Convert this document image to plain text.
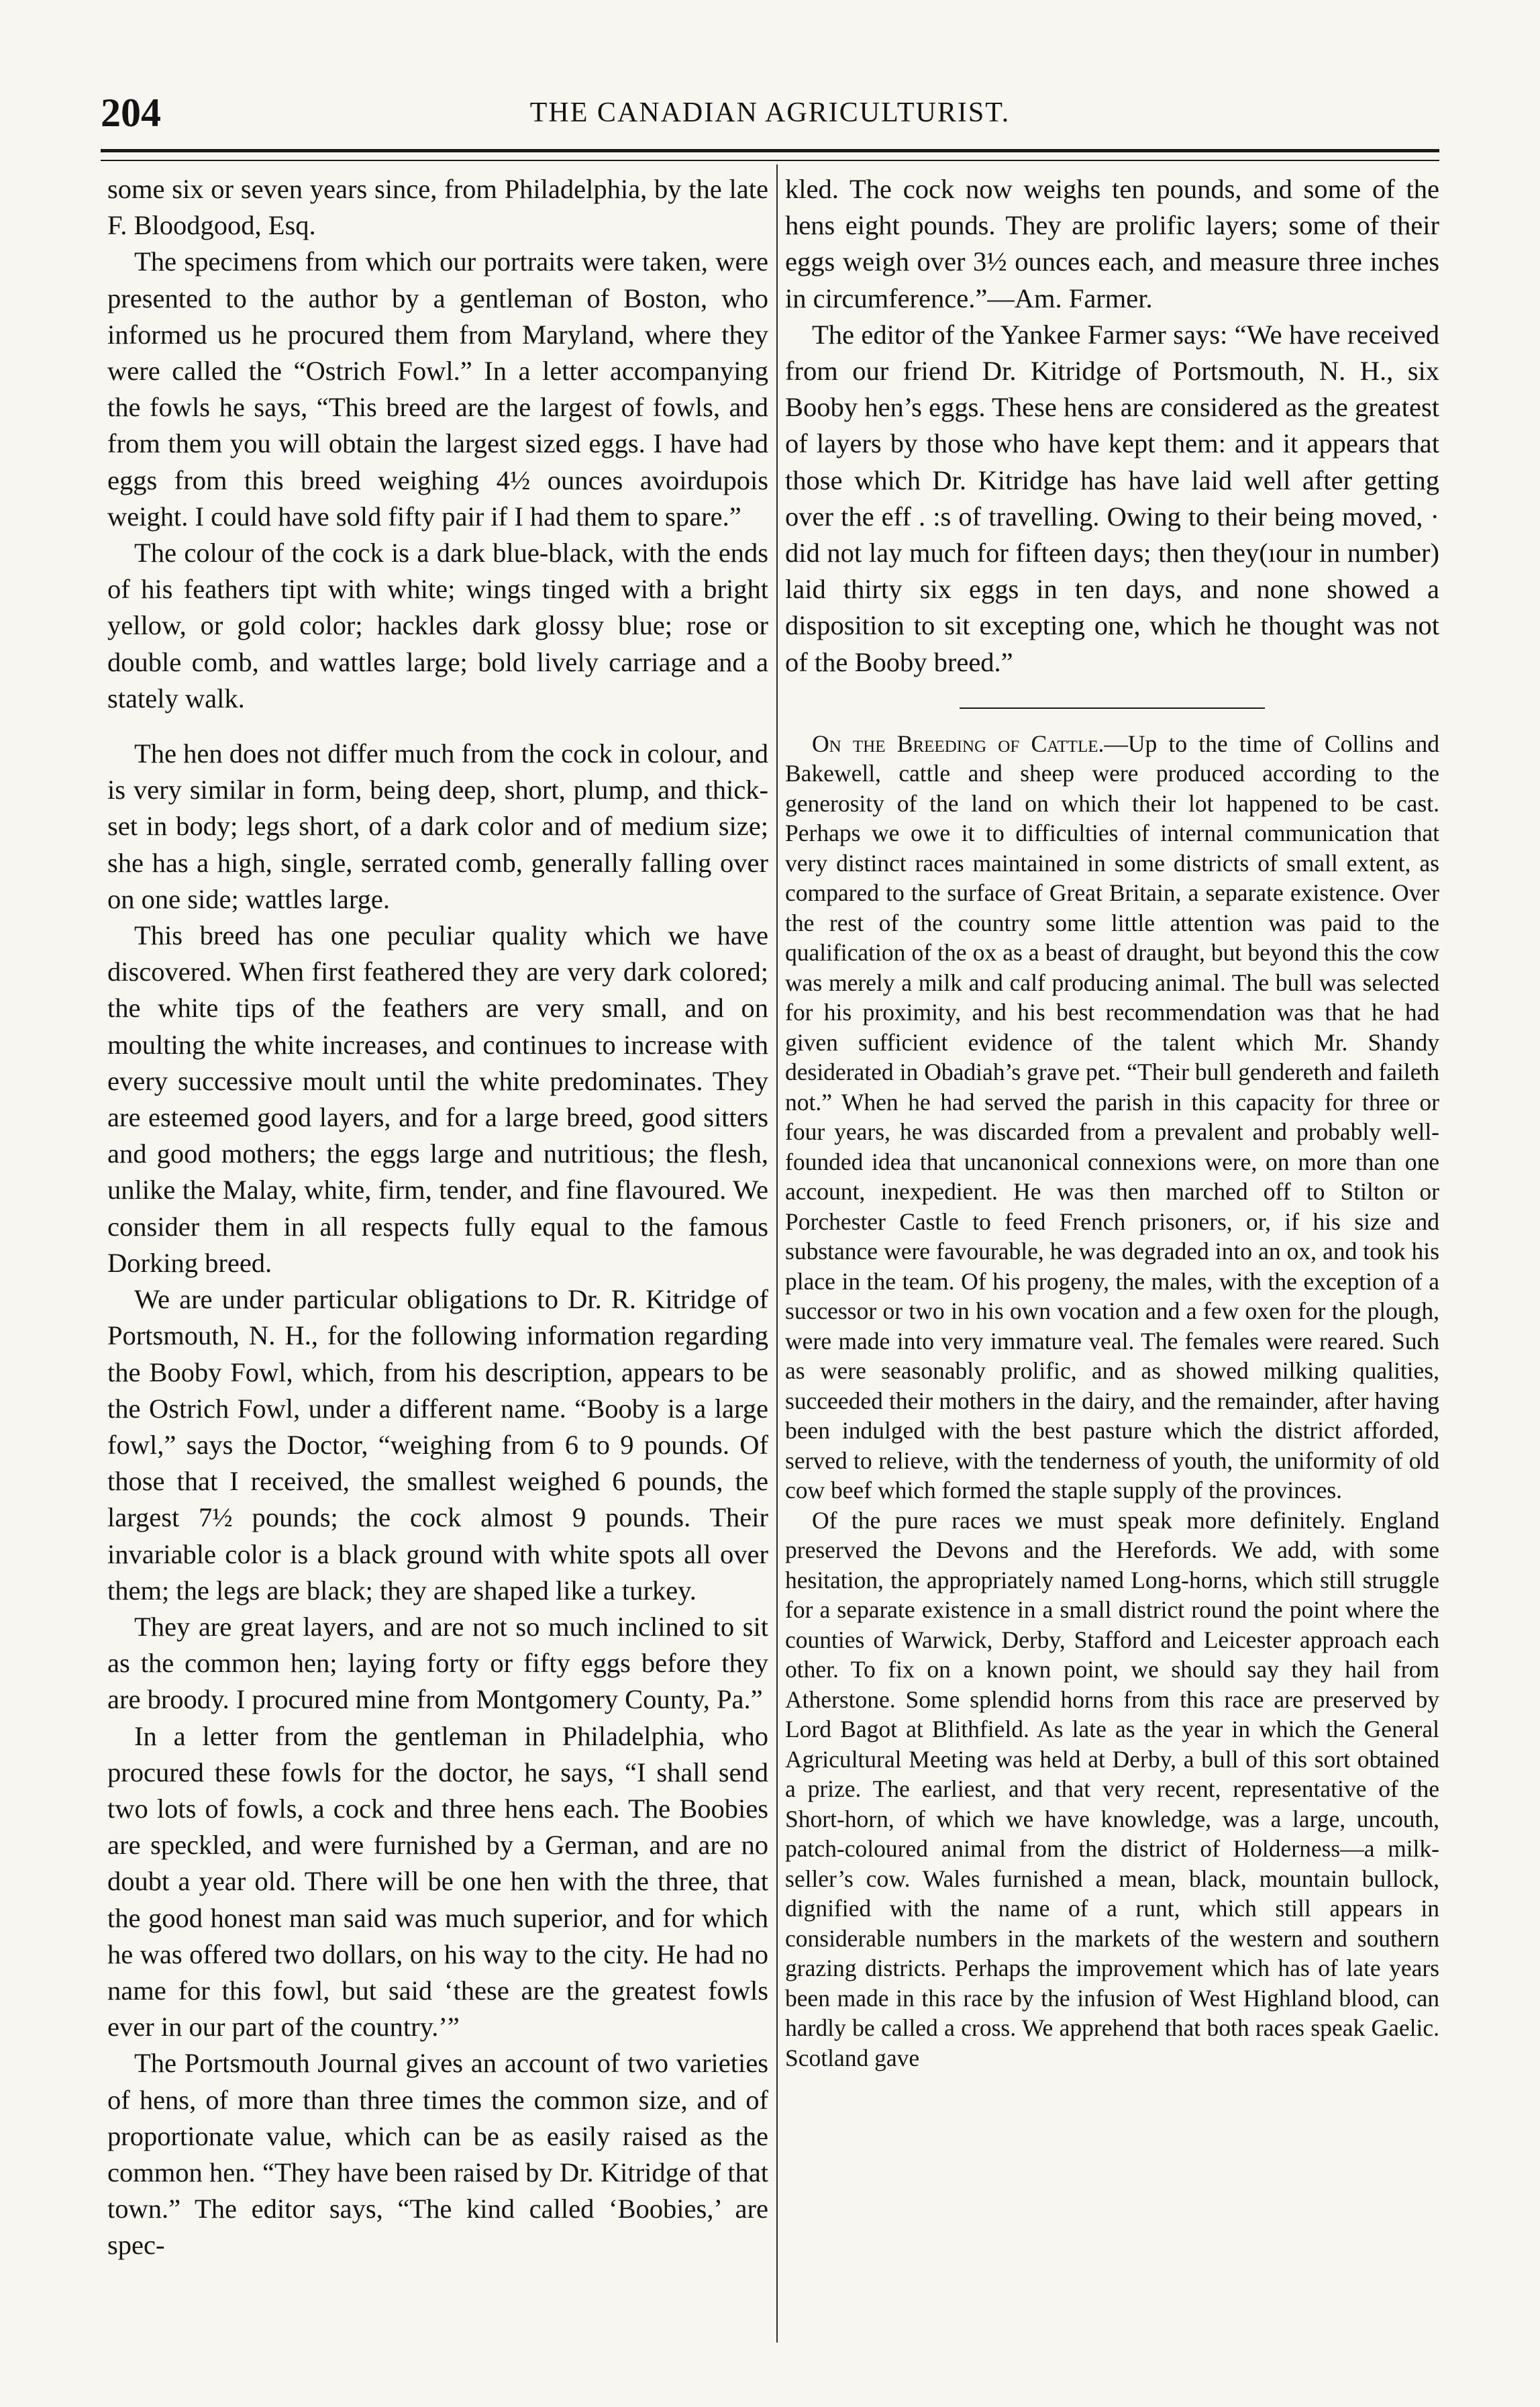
204	THE CANADIAN AGRICULTURIST.

some six or seven years since, from Philadelphia, by the late F. Bloodgood, Esq.

The specimens from which our portraits were taken, were presented to the author by a gentleman of Boston, who informed us he procured them from Maryland, where they were called the “Ostrich Fowl.” In a letter accompanying the fowls he says, “This breed are the largest of fowls, and from them you will obtain the largest sized eggs. I have had eggs from this breed weighing 4½ ounces avoirdupois weight. I could have sold fifty pair if I had them to spare.”

The colour of the cock is a dark blue-black, with the ends of his feathers tipt with white; wings tinged with a bright yellow, or gold color; hackles dark glossy blue; rose or double comb, and wattles large; bold lively carriage and a stately walk.

The hen does not differ much from the cock in colour, and is very similar in form, being deep, short, plump, and thick-set in body; legs short, of a dark color and of medium size; she has a high, single, serrated comb, generally falling over on one side; wattles large.

This breed has one peculiar quality which we have discovered. When first feathered they are very dark colored; the white tips of the feathers are very small, and on moulting the white increases, and continues to increase with every successive moult until the white predominates. They are esteemed good layers, and for a large breed, good sitters and good mothers; the eggs large and nutritious; the flesh, unlike the Malay, white, firm, tender, and fine flavoured. We consider them in all respects fully equal to the famous Dorking breed.

We are under particular obligations to Dr. R. Kitridge of Portsmouth, N. H., for the following information regarding the Booby Fowl, which, from his description, appears to be the Ostrich Fowl, under a different name. “Booby is a large fowl,” says the Doctor, “weighing from 6 to 9 pounds. Of those that I received, the smallest weighed 6 pounds, the largest 7½ pounds; the cock almost 9 pounds. Their invariable color is a black ground with white spots all over them; the legs are black; they are shaped like a turkey.

They are great layers, and are not so much inclined to sit as the common hen; laying forty or fifty eggs before they are broody. I procured mine from Montgomery County, Pa.”

In a letter from the gentleman in Philadelphia, who procured these fowls for the doctor, he says, “I shall send two lots of fowls, a cock and three hens each. The Boobies are speckled, and were furnished by a German, and are no doubt a year old. There will be one hen with the three, that the good honest man said was much superior, and for which he was offered two dollars, on his way to the city. He had no name for this fowl, but said ‘these are the greatest fowls ever in our part of the country.’”

The Portsmouth Journal gives an account of two varieties of hens, of more than three times the common size, and of proportionate value, which can be as easily raised as the common hen. “They have been raised by Dr. Kitridge of that town.” The editor says, “The kind called ‘Boobies,’ are spec-

kled. The cock now weighs ten pounds, and some of the hens eight pounds. They are prolific layers; some of their eggs weigh over 3½ ounces each, and measure three inches in circumference.”—Am. Farmer.

The editor of the Yankee Farmer says: “We have received from our friend Dr. Kitridge of Portsmouth, N. H., six Booby hen’s eggs. These hens are considered as the greatest of layers by those who have kept them: and it appears that those which Dr. Kitridge has have laid well after getting over the eff . :s of travelling. Owing to their being moved, · did not lay much for fifteen days; then they(ıour in number) laid thirty six eggs in ten days, and none showed a disposition to sit excepting one, which he thought was not of the Booby breed.”

On the Breeding of Cattle.—Up to the time of Collins and Bakewell, cattle and sheep were produced according to the generosity of the land on which their lot happened to be cast. Perhaps we owe it to difficulties of internal communication that very distinct races maintained in some districts of small extent, as compared to the surface of Great Britain, a separate existence. Over the rest of the country some little attention was paid to the qualification of the ox as a beast of draught, but beyond this the cow was merely a milk and calf producing animal. The bull was selected for his proximity, and his best recommendation was that he had given sufficient evidence of the talent which Mr. Shandy desiderated in Obadiah’s grave pet. “Their bull gendereth and faileth not.” When he had served the parish in this capacity for three or four years, he was discarded from a prevalent and probably well-founded idea that uncanonical connexions were, on more than one account, inexpedient. He was then marched off to Stilton or Porchester Castle to feed French prisoners, or, if his size and substance were favourable, he was degraded into an ox, and took his place in the team. Of his progeny, the males, with the exception of a successor or two in his own vocation and a few oxen for the plough, were made into very immature veal. The females were reared. Such as were seasonably prolific, and as showed milking qualities, succeeded their mothers in the dairy, and the remainder, after having been indulged with the best pasture which the district afforded, served to relieve, with the tenderness of youth, the uniformity of old cow beef which formed the staple supply of the provinces.

Of the pure races we must speak more definitely. England preserved the Devons and the Herefords. We add, with some hesitation, the appropriately named Long-horns, which still struggle for a separate existence in a small district round the point where the counties of Warwick, Derby, Stafford and Leicester approach each other. To fix on a known point, we should say they hail from Atherstone. Some splendid horns from this race are preserved by Lord Bagot at Blithfield. As late as the year in which the General Agricultural Meeting was held at Derby, a bull of this sort obtained a prize. The earliest, and that very recent, representative of the Short-horn, of which we have knowledge, was a large, uncouth, patch-coloured animal from the district of Holderness—a milk-seller’s cow. Wales furnished a mean, black, mountain bullock, dignified with the name of a runt, which still appears in considerable numbers in the markets of the western and southern grazing districts. Perhaps the improvement which has of late years been made in this race by the infusion of West Highland blood, can hardly be called a cross. We apprehend that both races speak Gaelic. Scotland gave
